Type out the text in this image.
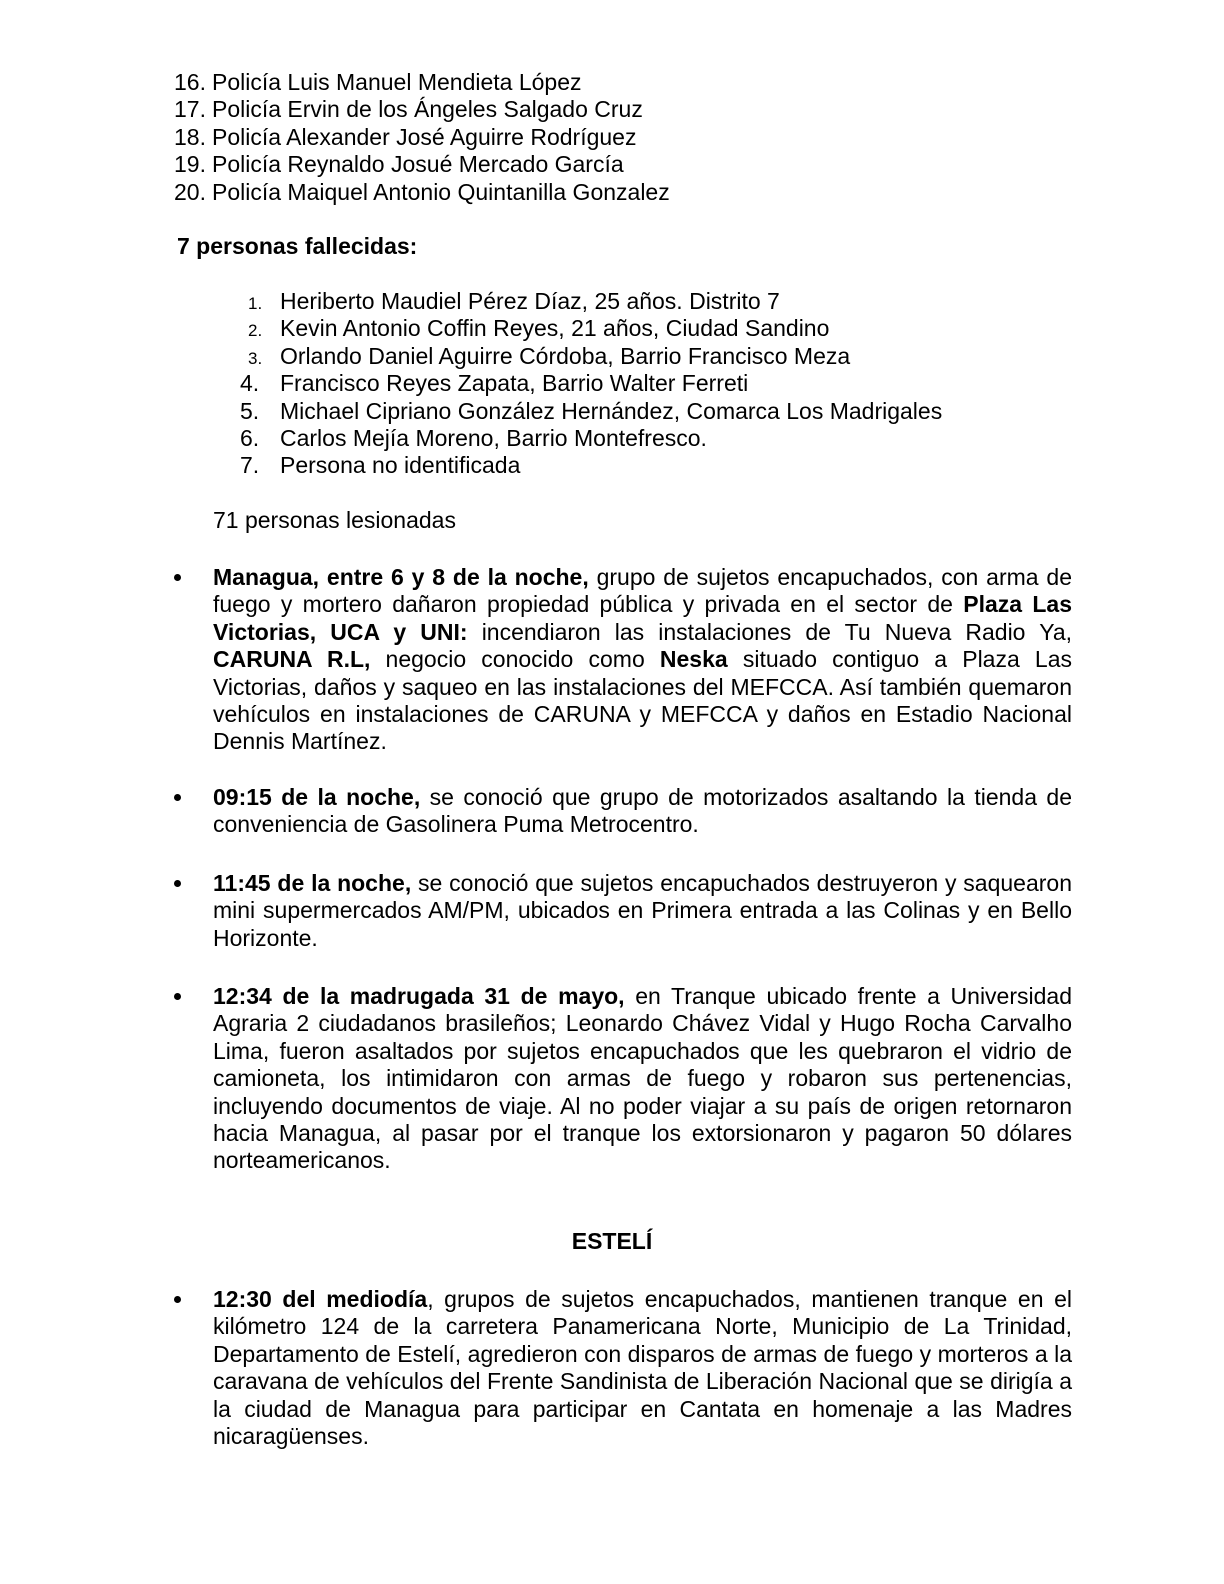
16. Policía Luis Manuel Mendieta López
17. Policía Ervin de los Ángeles Salgado Cruz
18. Policía Alexander José Aguirre Rodríguez
19. Policía Reynaldo Josué Mercado García
20. Policía Maiquel Antonio Quintanilla Gonzalez

7 personas fallecidas:

1. Heriberto Maudiel Pérez Díaz, 25 años. Distrito 7
2. Kevin Antonio Coffin Reyes, 21 años, Ciudad Sandino
3. Orlando Daniel Aguirre Córdoba, Barrio Francisco Meza
4. Francisco Reyes Zapata, Barrio Walter Ferreti
5. Michael Cipriano González Hernández, Comarca Los Madrigales
6. Carlos Mejía Moreno, Barrio Montefresco.
7. Persona no identificada

71 personas lesionadas

Managua, entre 6 y 8 de la noche, grupo de sujetos encapuchados, con arma de fuego y mortero dañaron propiedad pública y privada en el sector de Plaza Las Victorias, UCA y UNI: incendiaron las instalaciones de Tu Nueva Radio Ya, CARUNA R.L, negocio conocido como Neska situado contiguo a Plaza Las Victorias, daños y saqueo en las instalaciones del MEFCCA. Así también quemaron vehículos en instalaciones de CARUNA y MEFCCA y daños en Estadio Nacional Dennis Martínez.

09:15 de la noche, se conoció que grupo de motorizados asaltando la tienda de conveniencia de Gasolinera Puma Metrocentro.

11:45 de la noche, se conoció que sujetos encapuchados destruyeron y saquearon mini supermercados AM/PM, ubicados en Primera entrada a las Colinas y en Bello Horizonte.

12:34 de la madrugada 31 de mayo, en Tranque ubicado frente a Universidad Agraria 2 ciudadanos brasileños; Leonardo Chávez Vidal y Hugo Rocha Carvalho Lima, fueron asaltados por sujetos encapuchados que les quebraron el vidrio de camioneta, los intimidaron con armas de fuego y robaron sus pertenencias, incluyendo documentos de viaje. Al no poder viajar a su país de origen retornaron hacia Managua, al pasar por el tranque los extorsionaron y pagaron 50 dólares norteamericanos.

ESTELÍ

12:30 del mediodía, grupos de sujetos encapuchados, mantienen tranque en el kilómetro 124 de la carretera Panamericana Norte, Municipio de La Trinidad, Departamento de Estelí, agredieron con disparos de armas de fuego y morteros a la caravana de vehículos del Frente Sandinista de Liberación Nacional que se dirigía a la ciudad de Managua para participar en Cantata en homenaje a las Madres nicaragüenses.
